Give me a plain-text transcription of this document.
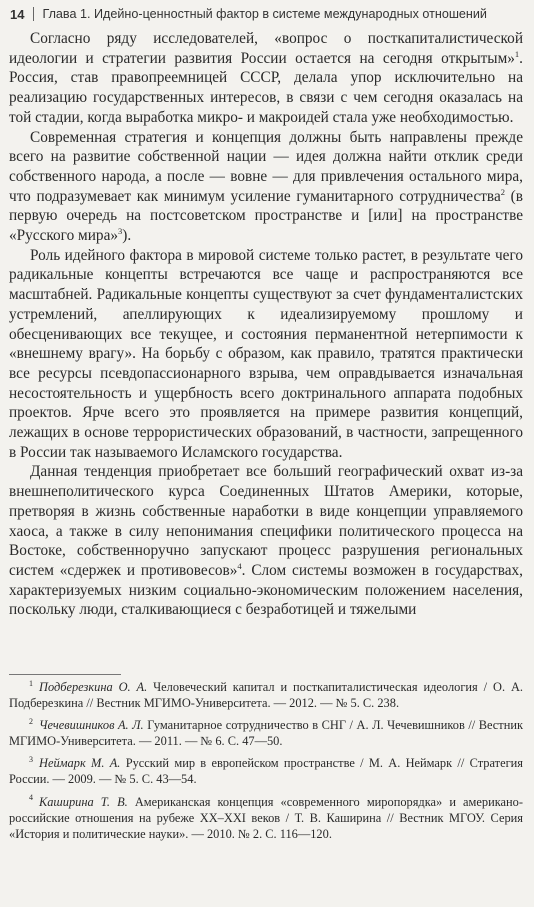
14 Глава 1. Идейно-ценностный фактор в системе международных отношений

Согласно ряду исследователей, «вопрос о посткапиталистической идеологии и стратегии развития России остается на сегодня открытым»$^1$. Россия, став правопреемницей СССР, делала упор исключительно на реализацию государственных интересов, в связи с чем сегодня оказалась на той стадии, когда выработка микро- и макроидей стала уже необходимостью.

Современная стратегия и концепция должны быть направлены прежде всего на развитие собственной нации — идея должна найти отклик среди собственного народа, а после — вовне — для привлечения остального мира, что подразумевает как минимум усиление гуманитарного сотрудничества$^2$ (в первую очередь на постсоветском пространстве и [или] на пространстве «Русского мира»$^3$).

Роль идейного фактора в мировой системе только растет, в результате чего радикальные концепты встречаются все чаще и распространяются все масштабней. Радикальные концепты существуют за счет фундаменталистских устремлений, апеллирующих к идеализируемому прошлому и обесценивающих все текущее, и состояния перманентной нетерпимости к «внешнему врагу». На борьбу с образом, как правило, тратятся практически все ресурсы псевдопассионарного взрыва, чем оправдывается изначальная несостоятельность и ущербность всего доктринального аппарата подобных проектов. Ярче всего это проявляется на примере развития концепций, лежащих в основе террористических образований, в частности, запрещенного в России так называемого Исламского государства.

Данная тенденция приобретает все больший географический охват из-за внешнеполитического курса Соединенных Штатов Америки, которые, претворяя в жизнь собственные наработки в виде концепции управляемого хаоса, а также в силу непонимания специфики политического процесса на Востоке, собственноручно запускают процесс разрушения региональных систем «сдержек и противовесов»$^4$. Слом системы возможен в государствах, характеризуемых низким социально-экономическим положением населения, поскольку люди, сталкивающиеся с безработицей и тяжелыми

$^1$ Подберезкина О. А. Человеческий капитал и посткапиталистическая идеология / О. А. Подберезкина // Вестник МГИМО-Университета. — 2012. — № 5. С. 238.

$^2$ Чечевишников А. Л. Гуманитарное сотрудничество в СНГ / А. Л. Чечевишников // Вестник МГИМО-Университета. — 2011. — № 6. С. 47—50.

$^3$ Неймарк М. А. Русский мир в европейском пространстве / М. А. Неймарк // Стратегия России. — 2009. — № 5. С. 43—54.

$^4$ Каширина Т. В. Американская концепция «современного миропорядка» и американо-российские отношения на рубеже XX–XXI веков / Т. В. Каширина // Вестник МГОУ. Серия «История и политические науки». — 2010. № 2. С. 116—120.
